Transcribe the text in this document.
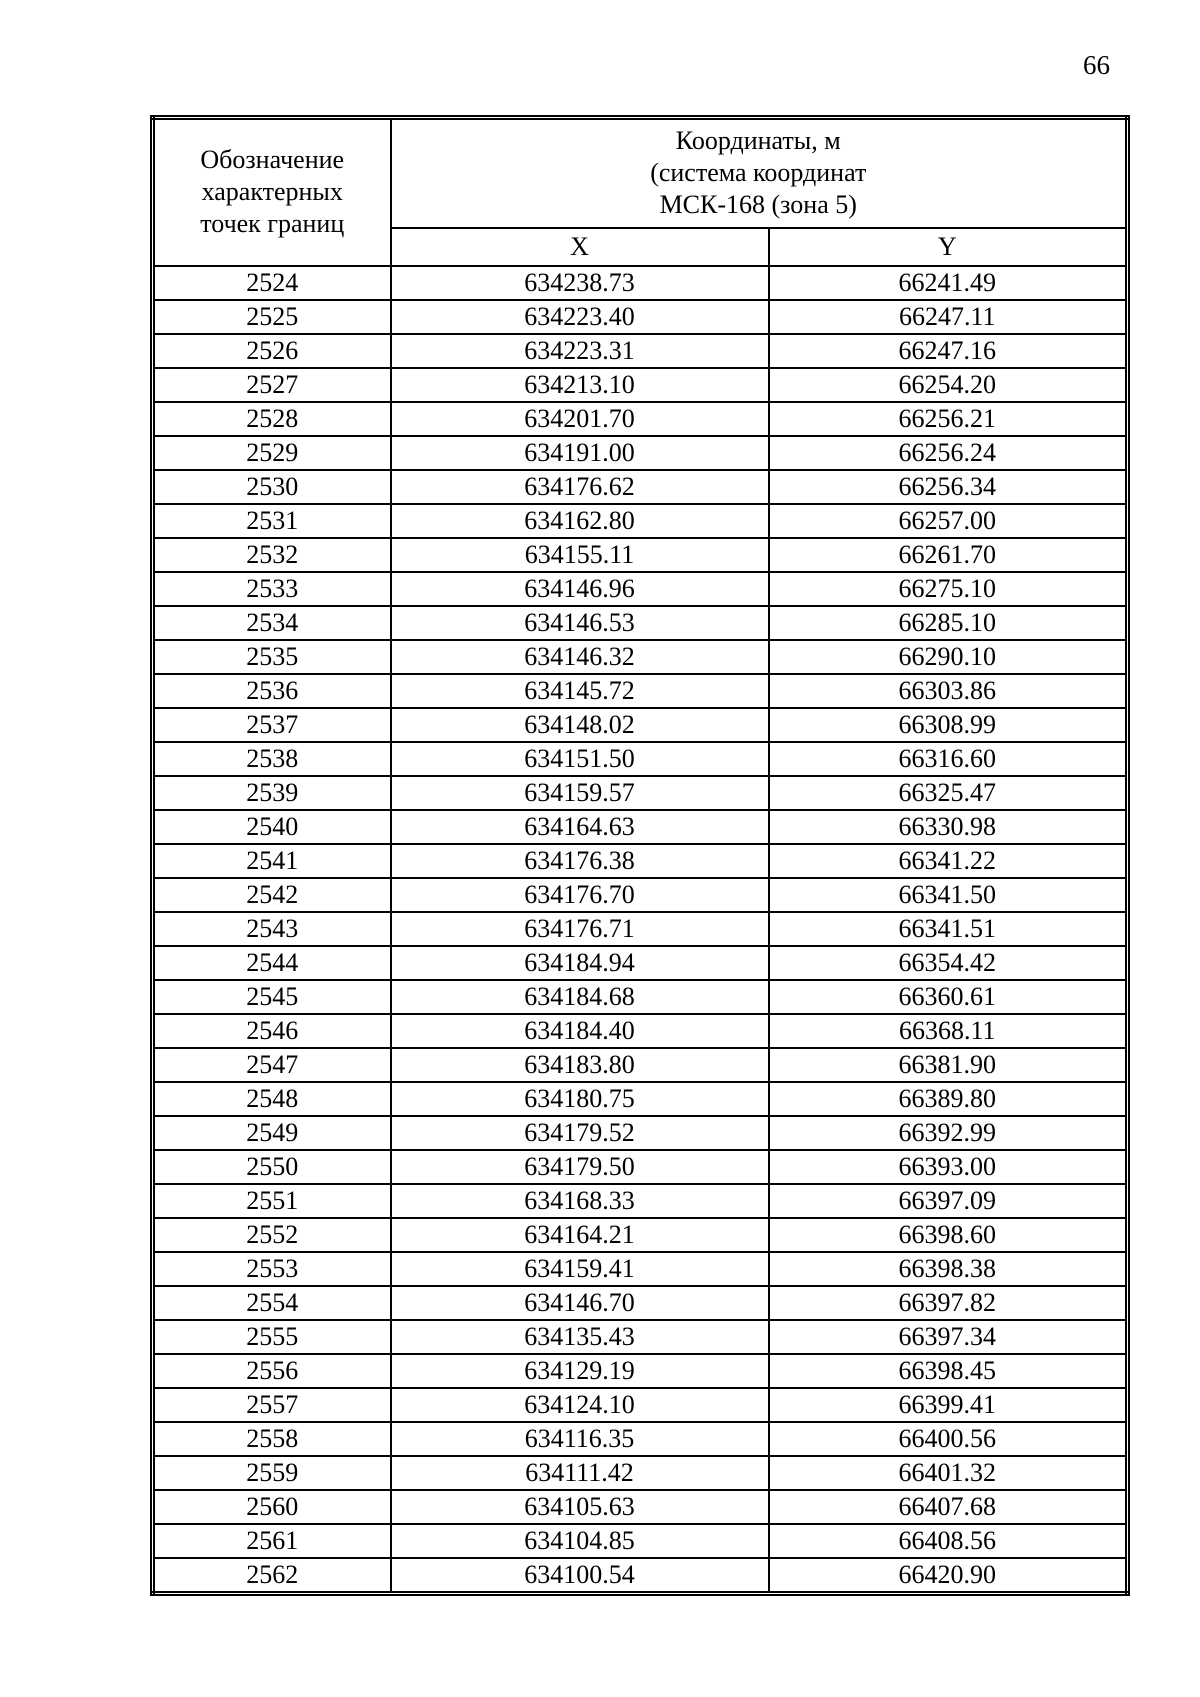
66
Обозначение
характерных
точек границ

Координаты, м
(система координат
МСК-168 (зона 5)

	X	Y
2524	634238.73	66241.49
2525	634223.40	66247.11
2526	634223.31	66247.16
2527	634213.10	66254.20
2528	634201.70	66256.21
2529	634191.00	66256.24
2530	634176.62	66256.34
2531	634162.80	66257.00
2532	634155.11	66261.70
2533	634146.96	66275.10
2534	634146.53	66285.10
2535	634146.32	66290.10
2536	634145.72	66303.86
2537	634148.02	66308.99
2538	634151.50	66316.60
2539	634159.57	66325.47
2540	634164.63	66330.98
2541	634176.38	66341.22
2542	634176.70	66341.50
2543	634176.71	66341.51
2544	634184.94	66354.42
2545	634184.68	66360.61
2546	634184.40	66368.11
2547	634183.80	66381.90
2548	634180.75	66389.80
2549	634179.52	66392.99
2550	634179.50	66393.00
2551	634168.33	66397.09
2552	634164.21	66398.60
2553	634159.41	66398.38
2554	634146.70	66397.82
2555	634135.43	66397.34
2556	634129.19	66398.45
2557	634124.10	66399.41
2558	634116.35	66400.56
2559	634111.42	66401.32
2560	634105.63	66407.68
2561	634104.85	66408.56
2562	634100.54	66420.90
